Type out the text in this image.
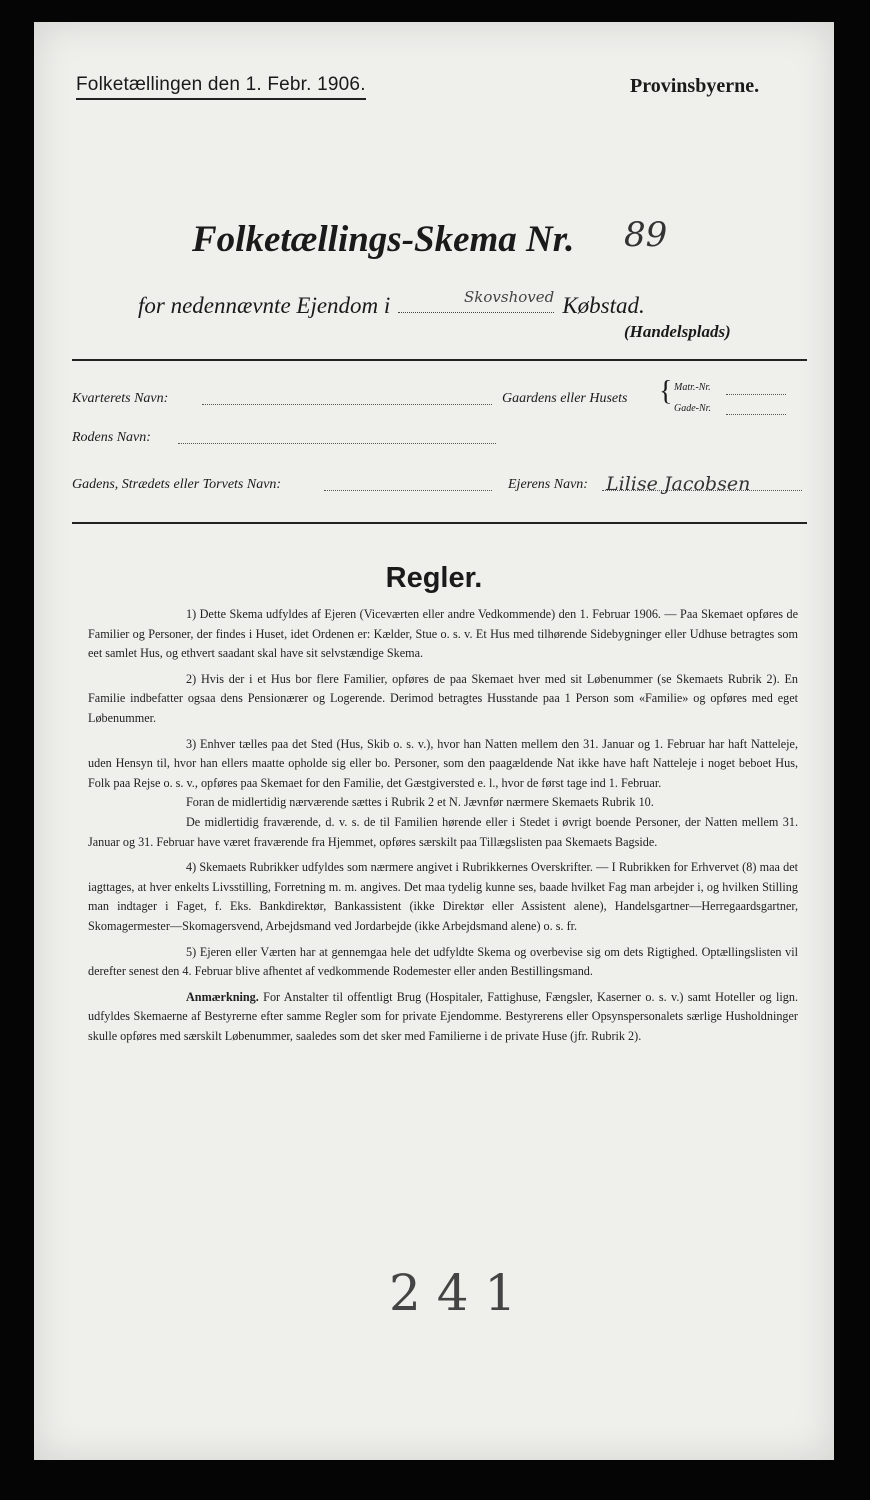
Folketællingen den 1. Febr. 1906.	Provinsbyerne.
Folketællings-Skema Nr. 89
for nedennævnte Ejendom i	Købstad.
Skovshoved
(Handelsplads)
Kvarterets Navn:	Gaardens eller Husets { Matr.-Nr.
Gade-Nr.
Rodens Navn:
Gadens, Strædets eller Torvets Navn:	Ejerens Navn: Lilise Jacobsen
Regler.

1) Dette Skema udfyldes af Ejeren (Viceværten eller andre Vedkommende) den 1. Februar 1906. — Paa Skemaet opføres de Familier og Personer, der findes i Huset, idet Ordenen er: Kælder, Stue o. s. v. Et Hus med tilhørende Sidebygninger eller Udhuse betragtes som eet samlet Hus, og ethvert saadant skal have sit selvstændige Skema.

2) Hvis der i et Hus bor flere Familier, opføres de paa Skemaet hver med sit Løbenummer (se Skemaets Rubrik 2). En Familie indbefatter ogsaa dens Pensionærer og Logerende. Derimod betragtes Husstande paa 1 Person som «Familie» og opføres med eget Løbenummer.

3) Enhver tælles paa det Sted (Hus, Skib o. s. v.), hvor han Natten mellem den 31. Januar og 1. Februar har haft Natteleje, uden Hensyn til, hvor han ellers maatte opholde sig eller bo. Personer, som den paagældende Nat ikke have haft Natteleje i noget beboet Hus, Folk paa Rejse o. s. v., opføres paa Skemaet for den Familie, det Gæstgiversted e. l., hvor de først tage ind 1. Februar.

Foran de midlertidig nærværende sættes i Rubrik 2 et N. Jævnfør nærmere Skemaets Rubrik 10.

De midlertidig fraværende, d. v. s. de til Familien hørende eller i Stedet i øvrigt boende Personer, der Natten mellem 31. Januar og 31. Februar have været fraværende fra Hjemmet, opføres særskilt paa Tillægslisten paa Skemaets Bagside.

4) Skemaets Rubrikker udfyldes som nærmere angivet i Rubrikkernes Overskrifter. — I Rubrikken for Erhvervet (8) maa det iagttages, at hver enkelts Livsstilling, Forretning m. m. angives. Det maa tydelig kunne ses, baade hvilket Fag man arbejder i, og hvilken Stilling man indtager i Faget, f. Eks. Bankdirektør, Bankassistent (ikke Direktør eller Assistent alene), Handelsgartner—Herregaardsgartner, Skomagermester—Skomagersvend, Arbejdsmand ved Jordarbejde (ikke Arbejdsmand alene) o. s. fr.

5) Ejeren eller Værten har at gennemgaa hele det udfyldte Skema og overbevise sig om dets Rigtighed. Optællingslisten vil derefter senest den 4. Februar blive afhentet af vedkommende Rodemester eller anden Bestillingsmand.

Anmærkning. For Anstalter til offentligt Brug (Hospitaler, Fattighuse, Fængsler, Kaserner o. s. v.) samt Hoteller og lign. udfyldes Skemaerne af Bestyrerne efter samme Regler som for private Ejendomme. Bestyrerens eller Opsynspersonalets særlige Husholdninger skulle opføres med særskilt Løbenummer, saaledes som det sker med Familierne i de private Huse (jfr. Rubrik 2).

2 4 1
